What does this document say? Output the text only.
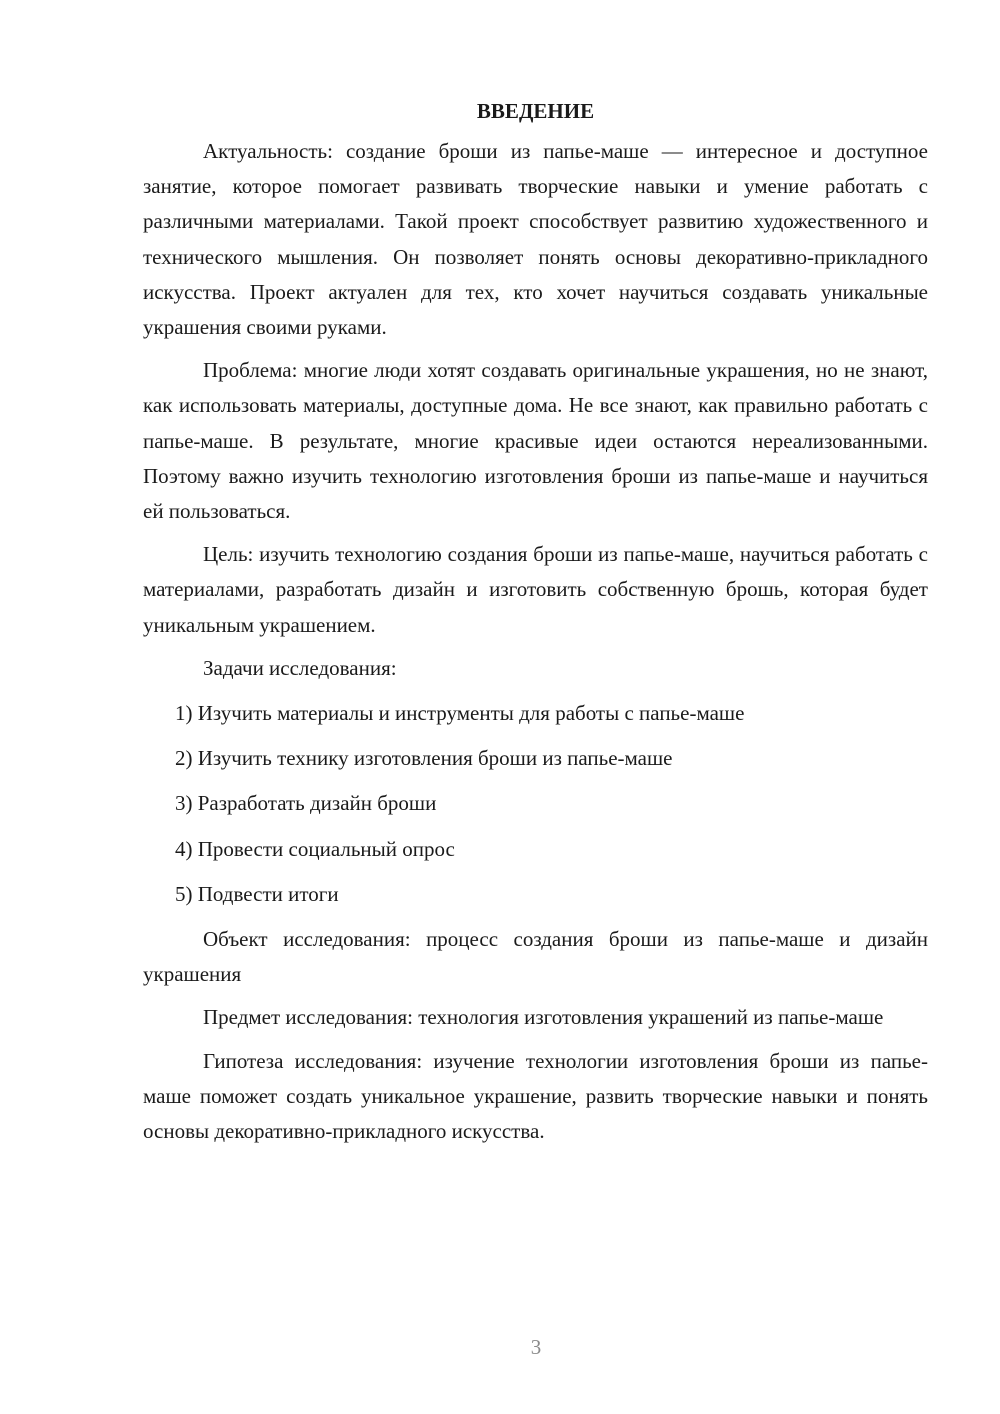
ВВЕДЕНИЕ

Актуальность: создание броши из папье-маше — интересное и доступное занятие, которое помогает развивать творческие навыки и умение работать с различными материалами. Такой проект способствует развитию художественного и технического мышления. Он позволяет понять основы декоративно-прикладного искусства. Проект актуален для тех, кто хочет научиться создавать уникальные украшения своими руками.

Проблема: многие люди хотят создавать оригинальные украшения, но не знают, как использовать материалы, доступные дома. Не все знают, как правильно работать с папье-маше. В результате, многие красивые идеи остаются нереализованными. Поэтому важно изучить технологию изготовления броши из папье-маше и научиться ей пользоваться.

Цель: изучить технологию создания броши из папье-маше, научиться работать с материалами, разработать дизайн и изготовить собственную брошь, которая будет уникальным украшением.

Задачи исследования:

1) Изучить материалы и инструменты для работы с папье-маше
2) Изучить технику изготовления броши из папье-маше
3) Разработать дизайн броши
4) Провести социальный опрос
5) Подвести итоги

Объект исследования: процесс создания броши из папье-маше и дизайн украшения

Предмет исследования: технология изготовления украшений из папье-маше

Гипотеза исследования: изучение технологии изготовления броши из папье-маше поможет создать уникальное украшение, развить творческие навыки и понять основы декоративно-прикладного искусства.

3
